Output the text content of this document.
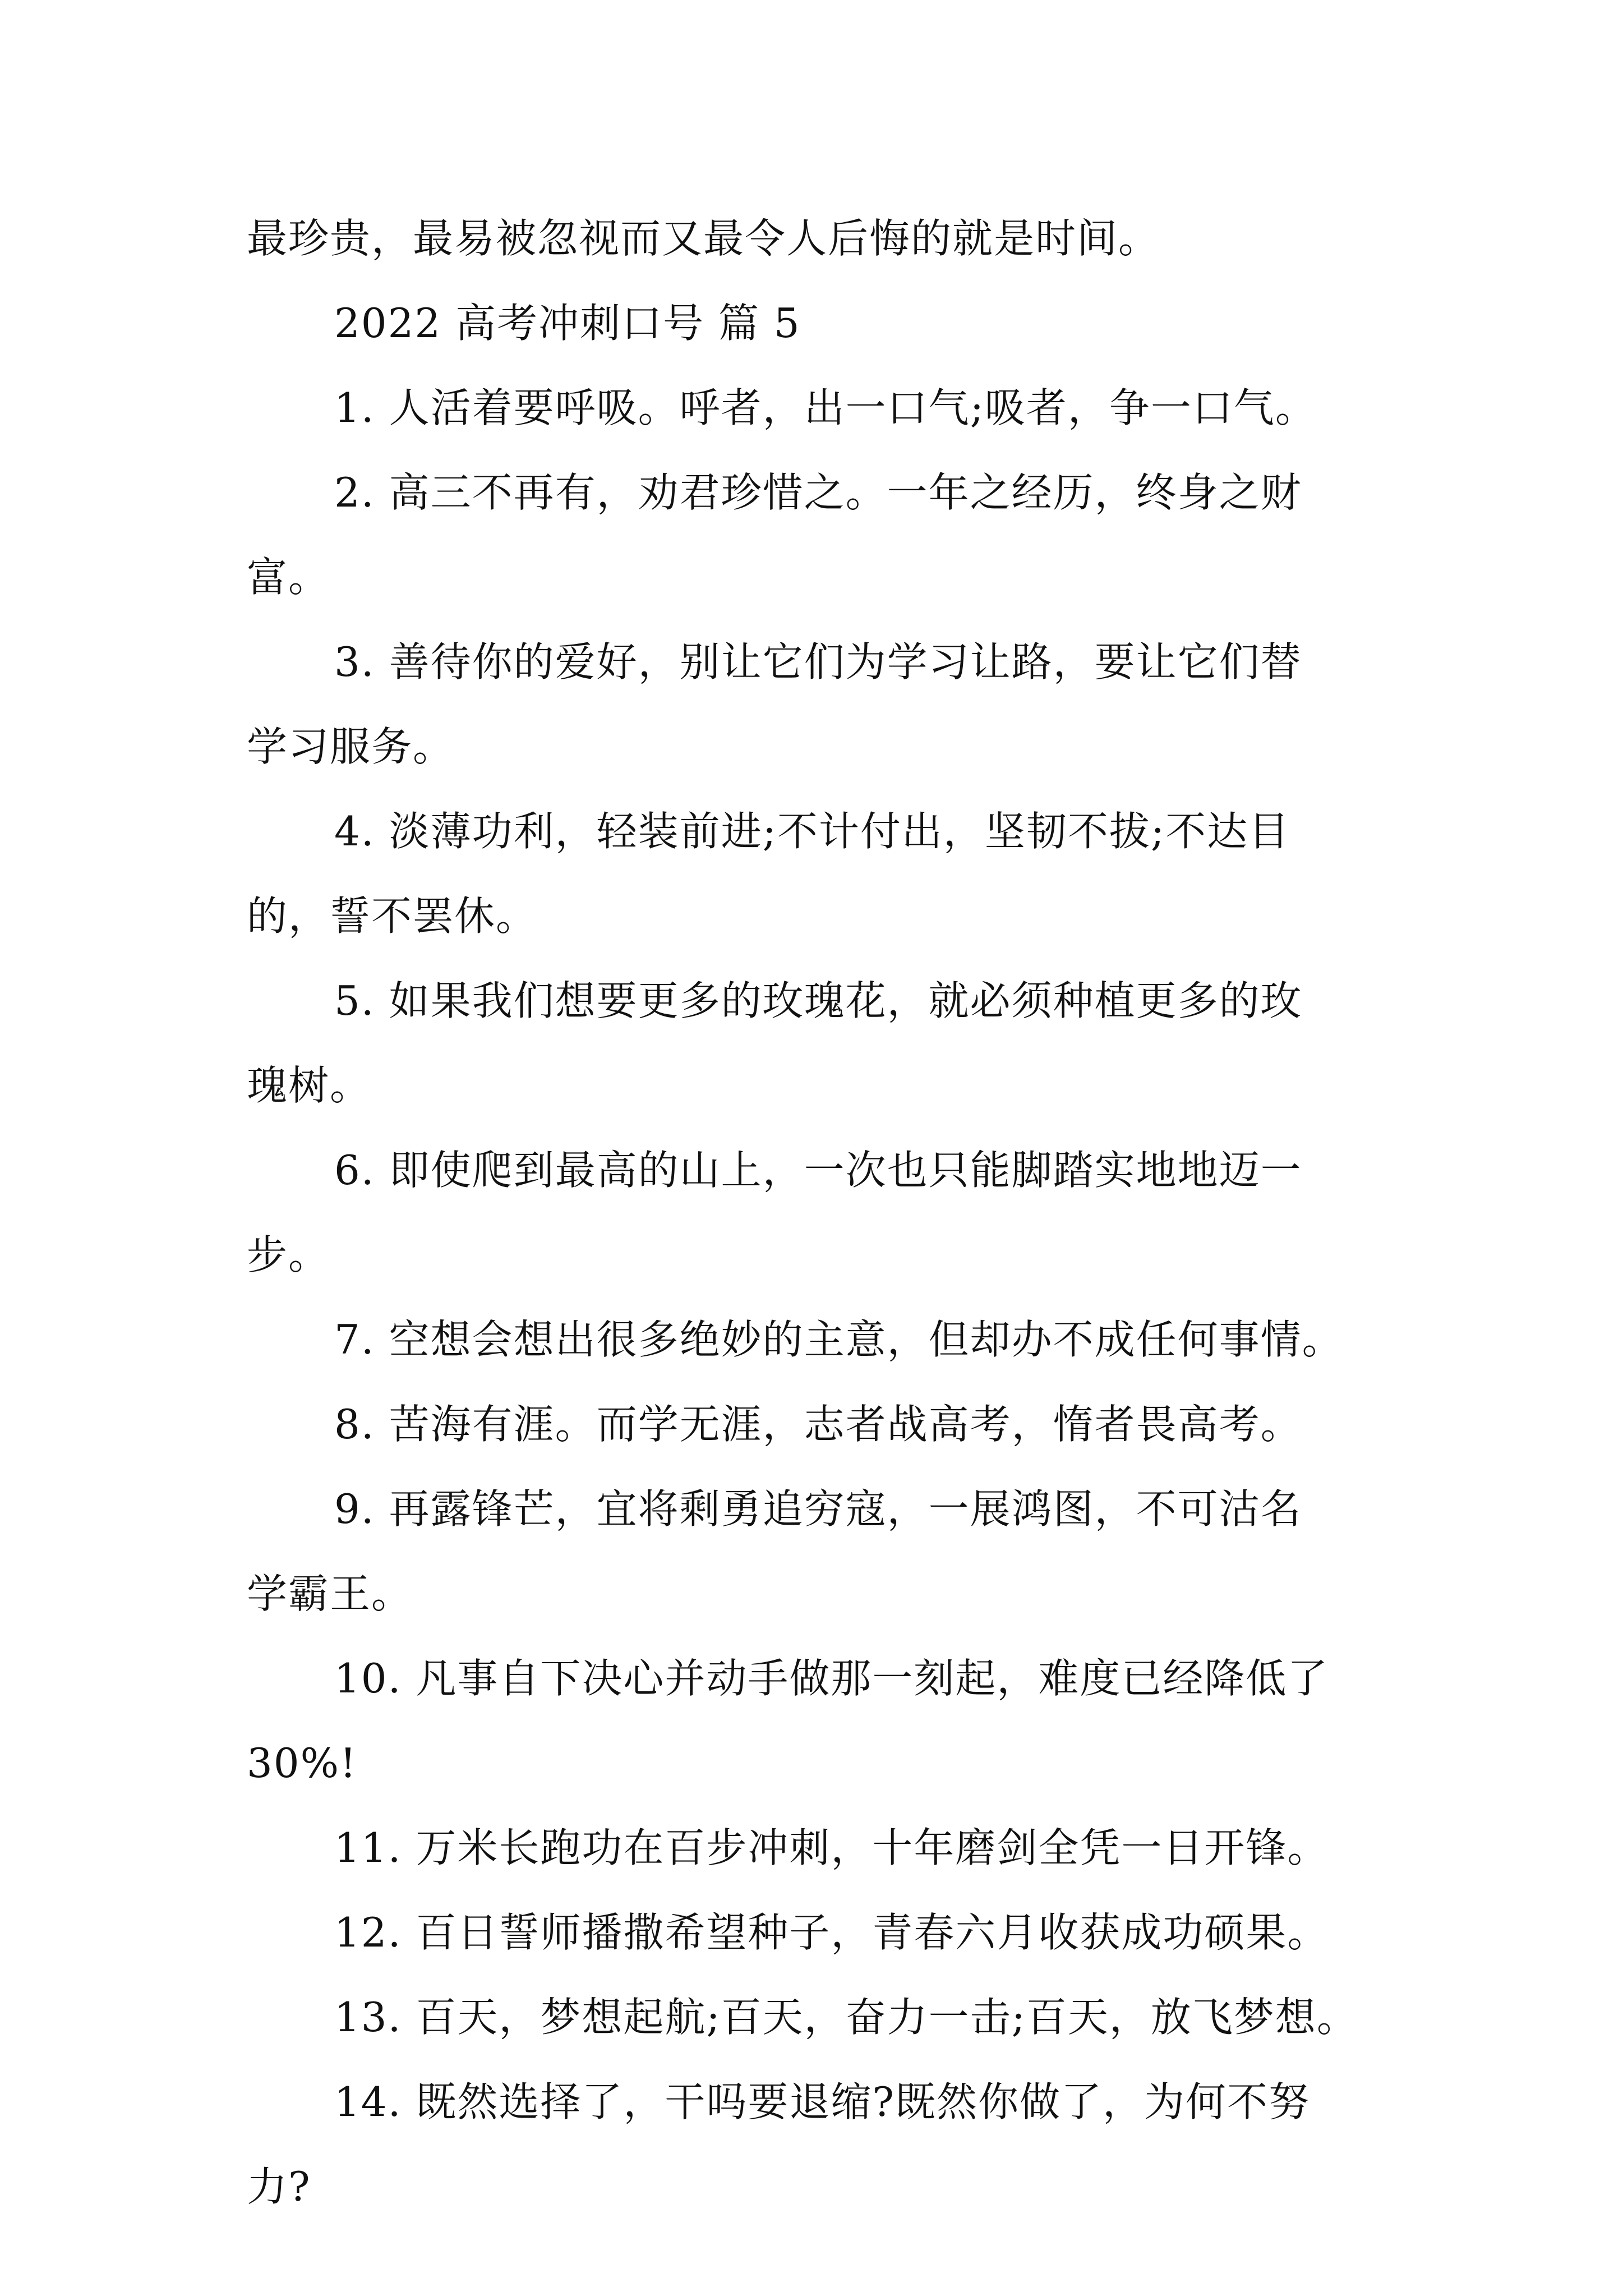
最珍贵，最易被忽视而又最令人后悔的就是时间。
2022 高考冲刺口号 篇 5
1. 人活着要呼吸。呼者，出一口气;吸者，争一口气。
2. 高三不再有，劝君珍惜之。一年之经历，终身之财
富。
3. 善待你的爱好，别让它们为学习让路，要让它们替
学习服务。
4. 淡薄功利，轻装前进;不计付出，坚韧不拔;不达目
的，誓不罢休。
5. 如果我们想要更多的玫瑰花，就必须种植更多的玫
瑰树。
6. 即使爬到最高的山上，一次也只能脚踏实地地迈一
步。
7. 空想会想出很多绝妙的主意，但却办不成任何事情。
8. 苦海有涯。而学无涯，志者战高考，惰者畏高考。
9. 再露锋芒，宜将剩勇追穷寇，一展鸿图，不可沽名
学霸王。
10. 凡事自下决心并动手做那一刻起，难度已经降低了
30%!
11. 万米长跑功在百步冲刺，十年磨剑全凭一日开锋。
12. 百日誓师播撒希望种子，青春六月收获成功硕果。
13. 百天，梦想起航;百天，奋力一击;百天，放飞梦想。
14. 既然选择了，干吗要退缩?既然你做了，为何不努
力?
